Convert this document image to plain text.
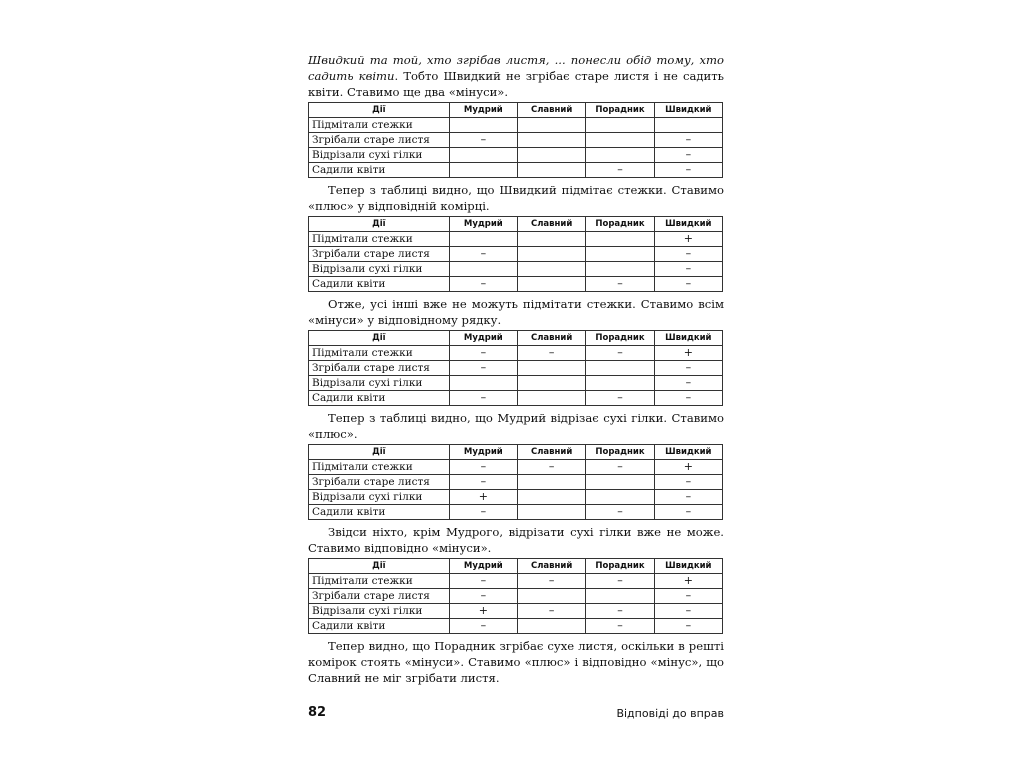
Швидкий та той, хто згрібав листя, ... понесли обід тому, хто садить квіти. Тобто Швидкий не згрібає старе листя і не садить квіти. Ставимо ще два «мінуси».

Дії	Мудрий	Славний	Порадник	Швидкий
Підмітали стежки				
Згрібали старе листя	–			–
Відрізали сухі гілки				–
Садили квіти			–	–

Тепер з таблиці видно, що Швидкий підмітає стежки. Ставимо «плюс» у відповідній комірці.

Дії	Мудрий	Славний	Порадник	Швидкий
Підмітали стежки				+
Згрібали старе листя	–			–
Відрізали сухі гілки				–
Садили квіти	–		–	–

Отже, усі інші вже не можуть підмітати стежки. Ставимо всім «мінуси» у відповідному рядку.

Дії	Мудрий	Славний	Порадник	Швидкий
Підмітали стежки	–	–	–	+
Згрібали старе листя	–			–
Відрізали сухі гілки				–
Садили квіти	–		–	–

Тепер з таблиці видно, що Мудрий відрізає сухі гілки. Ставимо «плюс».

Дії	Мудрий	Славний	Порадник	Швидкий
Підмітали стежки	–	–	–	+
Згрібали старе листя	–			–
Відрізали сухі гілки	+			–
Садили квіти	–		–	–

Звідси ніхто, крім Мудрого, відрізати сухі гілки вже не може. Ставимо відповідно «мінуси».

Дії	Мудрий	Славний	Порадник	Швидкий
Підмітали стежки	–	–	–	+
Згрібали старе листя	–			–
Відрізали сухі гілки	+	–	–	–
Садили квіти	–		–	–

Тепер видно, що Порадник згрібає сухе листя, оскільки в решті комірок стоять «мінуси». Ставимо «плюс» і відповідно «мінус», що Славний не міг згрібати листя.

82	Відповіді до вправ
